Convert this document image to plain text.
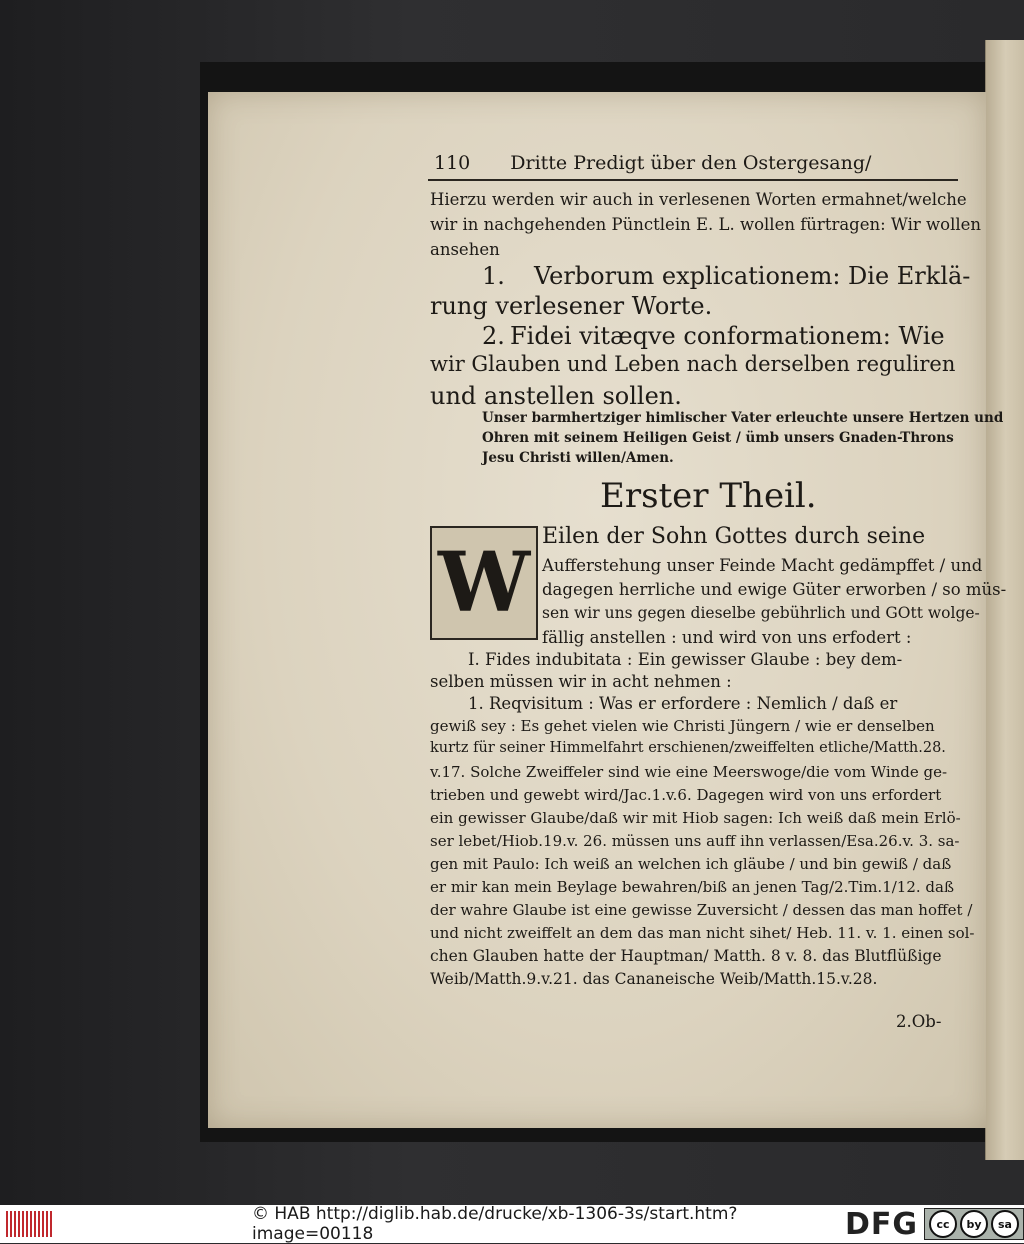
110 Dritte Predigt über den Ostergesang/
Hierzu werden wir auch in verlesenen Worten ermahnet/welche
wir in nachgehenden Pünctlein E. L. wollen fürtragen: Wir wollen
ansehen
1. Verborum explicationem: Die Erklä-
rung verlesener Worte.
2. Fidei vitæqve conformationem: Wie
wir Glauben und Leben nach derselben reguliren
und anstellen sollen.
Unser barmhertziger himlischer Vater erleuchte unsere Hertzen und
Ohren mit seinem Heiligen Geist / ümb unsers Gnaden-Throns
Jesu Christi willen/Amen.
Erster Theil.
W Eilen der Sohn Gottes durch seine
Aufferstehung unser Feinde Macht gedämpffet / und
dagegen herrliche und ewige Güter erworben / so müs-
sen wir uns gegen dieselbe gebührlich und GOtt wolge-
fällig anstellen : und wird von uns erfodert :
I. Fides indubitata : Ein gewisser Glaube : bey dem-
selben müssen wir in acht nehmen :
1. Reqvisitum : Was er erfordere : Nemlich / daß er
gewiß sey : Es gehet vielen wie Christi Jüngern / wie er denselben
kurtz für seiner Himmelfahrt erschienen/zweiffelten etliche/Matth.28.
v.17. Solche Zweiffeler sind wie eine Meerswoge/die vom Winde ge-
trieben und gewebt wird/Jac.1.v.6. Dagegen wird von uns erfordert
ein gewisser Glaube/daß wir mit Hiob sagen: Ich weiß daß mein Erlö-
ser lebet/Hiob.19.v. 26. müssen uns auff ihn verlassen/Esa.26.v. 3. sa-
gen mit Paulo: Ich weiß an welchen ich gläube / und bin gewiß / daß
er mir kan mein Beylage bewahren/biß an jenen Tag/2.Tim.1/12. daß
der wahre Glaube ist eine gewisse Zuversicht / dessen das man hoffet /
und nicht zweiffelt an dem das man nicht sihet/ Heb. 11. v. 1. einen sol-
chen Glauben hatte der Hauptman/ Matth. 8 v. 8. das Blutflüßige
Weib/Matth.9.v.21. das Cananeische Weib/Matth.15.v.28.
2.Ob-
© HAB http://diglib.hab.de/drucke/xb-1306-3s/start.htm?image=00118	DFG	cc	by	sa
